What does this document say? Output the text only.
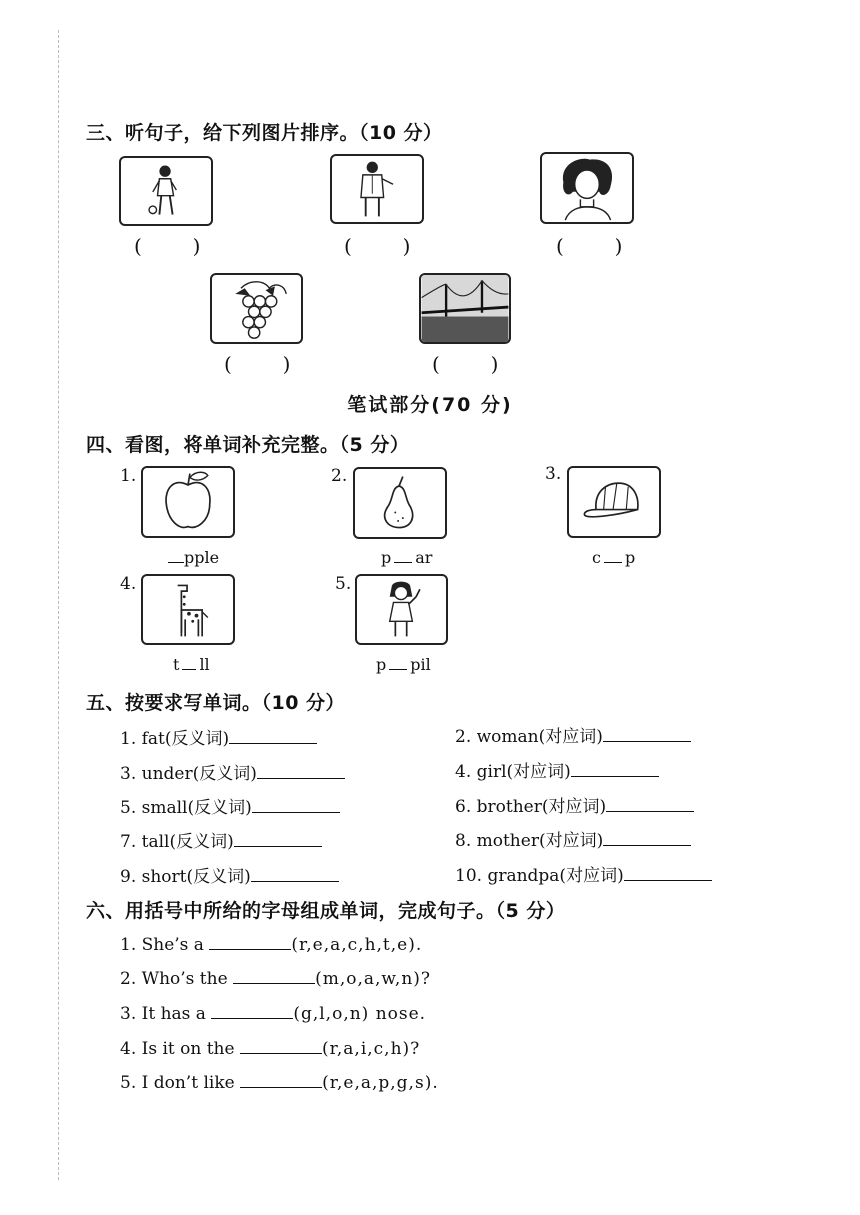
三、听句子，给下列图片排序。（10 分）
(        )	(        )	(        )
(        )	(        )
笔试部分(70 分)
四、看图，将单词补充完整。（5 分）
1.
pple
2.
p ar
3.
c p
4.
t ll
5.
p pil
五、按要求写单词。（10 分）
1. fat(反义词)	2. woman(对应词)
3. under(反义词)	4. girl(对应词)
5. small(反义词)	6. brother(对应词)
7. tall(反义词)	8. mother(对应词)
9. short(反义词)	10. grandpa(对应词)
六、用括号中所给的字母组成单词，完成句子。（5 分）
1. She’s a	(r,e,a,c,h,t,e).
2. Who’s the	(m,o,a,w,n)?
3. It has a	(g,l,o,n) nose.
4. Is it on the	(r,a,i,c,h)?
5. I don’t like	(r,e,a,p,g,s).
